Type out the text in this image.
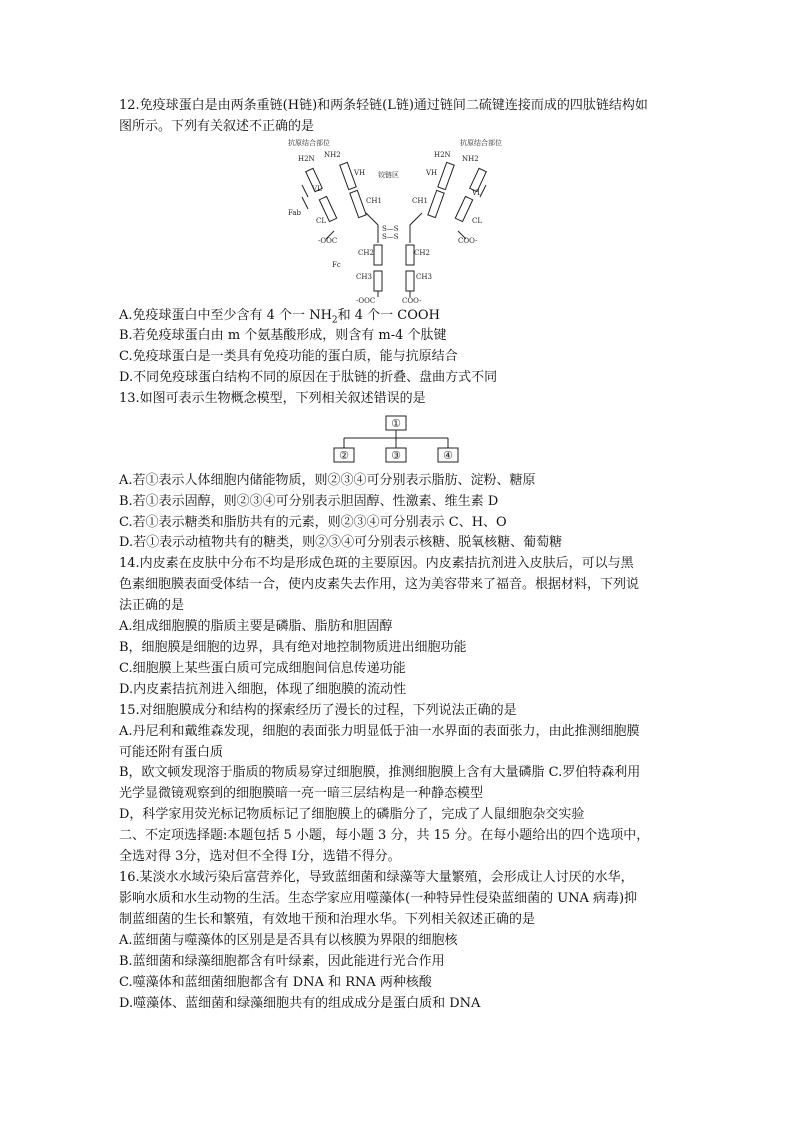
12.免疫球蛋白是由两条重链(H链)和两条轻链(L链)通过链间二硫键连接而成的四肽链结构如
图所示。下列有关叙述不正确的是
抗原结合部位	抗原结合部位
铰链区
Fab
Fc
H2N NH2	H2N NH2
VH
VL
VH
VL
CL	CL
CH1	CH1
CH2	CH2
CH3	CH3
S—S
S—S
-OOC	COO-
-OOC	COO-
A.免疫球蛋白中至少含有 4 个一 $NH_2$和 4 个一 COOH
B.若免疫球蛋白由 m 个氨基酸形成，则含有 m-4 个肽键
C.免疫球蛋白是一类具有免疫功能的蛋白质，能与抗原结合
D.不同免疫球蛋白结构不同的原因在于肽链的折叠、盘曲方式不同
13.如图可表示生物概念模型，下列相关叙述错误的是
①
②	③	④
A.若①表示人体细胞内储能物质，则②③④可分别表示脂肪、淀粉、糖原
B.若①表示固醇，则②③④可分别表示胆固醇、性激素、维生素 D
C.若①表示糖类和脂肪共有的元素，则②③④可分别表示 C、H、O
D.若①表示动植物共有的糖类，则②③④可分别表示核糖、脱氧核糖、葡萄糖
14.内皮素在皮肤中分布不均是形成色斑的主要原因。内皮素拮抗剂进入皮肤后，可以与黑
色素细胞膜表面受体结一合，使内皮素失去作用，这为美容带来了福音。根据材料，下列说
法正确的是
A.组成细胞膜的脂质主要是磷脂、脂肪和胆固醇
B，细胞膜是细胞的边界，具有绝对地控制物质进出细胞功能
C.细胞膜上某些蛋白质可完成细胞间信息传递功能
D.内皮素拮抗剂进入细胞，体现了细胞膜的流动性
15.对细胞膜成分和结构的探索经历了漫长的过程，下列说法正确的是
A.丹尼利和戴维森发现，细胞的表面张力明显低于油一水界面的表面张力，由此推测细胞膜
可能还附有蛋白质
B，欧文顿发现溶于脂质的物质易穿过细胞膜，推测细胞膜上含有大量磷脂 C.罗伯特森利用
光学显微镜观察到的细胞膜暗一亮一暗三层结构是一种静态模型
D，科学家用荧光标记物质标记了细胞膜上的磷脂分了，完成了人鼠细胞杂交实验
二、不定项选择题:本题包括 5 小题，每小题 3 分，共 15 分。在每小题给出的四个选项中，
全选对得 3分，选对但不全得 I分，选错不得分。
16.某淡水水域污染后富营养化，导致蓝细菌和绿藻等大量繁殖，会形成让人讨厌的水华，
影响水质和水生动物的生活。生态学家应用噬藻体(一种特异性侵染蓝细菌的 UNA 病毒)抑
制蓝细菌的生长和繁殖，有效地干预和治理水华。下列相关叙述正确的是
A.蓝细菌与噬藻体的区别是是否具有以核膜为界限的细胞核
B.蓝细菌和绿藻细胞都含有叶绿素，因此能进行光合作用
C.噬藻体和蓝细菌细胞都含有 DNA 和 RNA 两种核酸
D.噬藻体、蓝细菌和绿藻细胞共有的组成成分是蛋白质和 DNA
